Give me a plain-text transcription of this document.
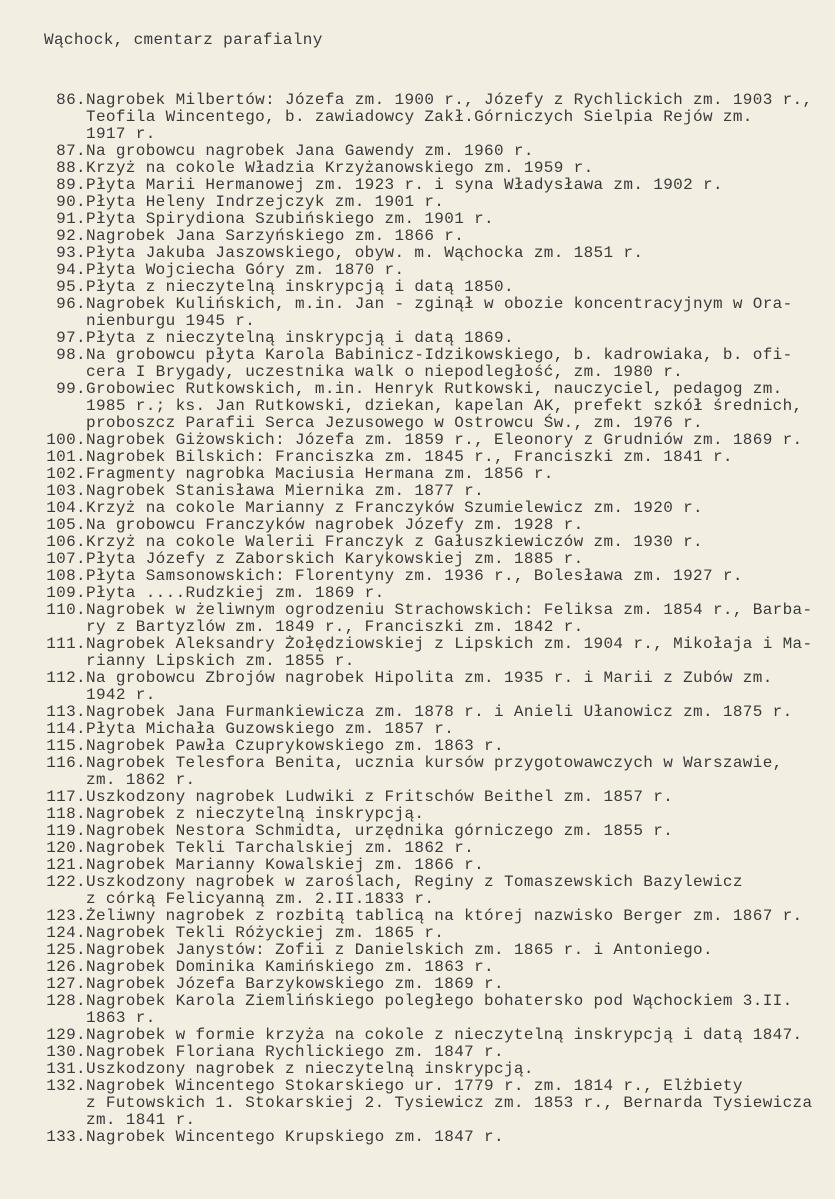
Wąchock, cmentarz parafialny
86. Nagrobek Milbertów: Józefa zm. 1900 r., Józefy z Rychlickich zm. 1903 r.,
Teofila Wincentego, b. zawiadowcy Zakł.Górniczych Sielpia Rejów zm.
1917 r.
87. Na grobowcu nagrobek Jana Gawendy zm. 1960 r.
88. Krzyż na cokole Władzia Krzyżanowskiego zm. 1959 r.
89. Płyta Marii Hermanowej zm. 1923 r. i syna Władysława zm. 1902 r.
90. Płyta Heleny Indrzejczyk zm. 1901 r.
91. Płyta Spirydiona Szubińskiego zm. 1901 r.
92. Nagrobek Jana Sarzyńskiego zm. 1866 r.
93. Płyta Jakuba Jaszowskiego, obyw. m. Wąchocka zm. 1851 r.
94. Płyta Wojciecha Góry zm. 1870 r.
95. Płyta z nieczytelną inskrypcją i datą 1850.
96. Nagrobek Kulińskich, m.in. Jan - zginął w obozie koncentracyjnym w Ora-
nienburgu 1945 r.
97. Płyta z nieczytelną inskrypcją i datą 1869.
98. Na grobowcu płyta Karola Babinicz-Idzikowskiego, b. kadrowiaka, b. ofi-
cera I Brygady, uczestnika walk o niepodległość, zm. 1980 r.
99. Grobowiec Rutkowskich, m.in. Henryk Rutkowski, nauczyciel, pedagog zm.
1985 r.; ks. Jan Rutkowski, dziekan, kapelan AK, prefekt szkół średnich,
proboszcz Parafii Serca Jezusowego w Ostrowcu Św., zm. 1976 r.
100. Nagrobek Giżowskich: Józefa zm. 1859 r., Eleonory z Grudniów zm. 1869 r.
101. Nagrobek Bilskich: Franciszka zm. 1845 r., Franciszki zm. 1841 r.
102. Fragmenty nagrobka Maciusia Hermana zm. 1856 r.
103. Nagrobek Stanisława Miernika zm. 1877 r.
104. Krzyż na cokole Marianny z Franczyków Szumielewicz zm. 1920 r.
105. Na grobowcu Franczyków nagrobek Józefy zm. 1928 r.
106. Krzyż na cokole Walerii Franczyk z Gałuszkiewiczów zm. 1930 r.
107. Płyta Józefy z Zaborskich Karykowskiej zm. 1885 r.
108. Płyta Samsonowskich: Florentyny zm. 1936 r., Bolesława zm. 1927 r.
109. Płyta ....Rudzkiej zm. 1869 r.
110. Nagrobek w żeliwnym ogrodzeniu Strachowskich: Feliksa zm. 1854 r., Barba-
ry z Bartyzlów zm. 1849 r., Franciszki zm. 1842 r.
111. Nagrobek Aleksandry Żołędziowskiej z Lipskich zm. 1904 r., Mikołaja i Ma-
rianny Lipskich zm. 1855 r.
112. Na grobowcu Zbrojów nagrobek Hipolita zm. 1935 r. i Marii z Zubów zm.
1942 r.
113. Nagrobek Jana Furmankiewicza zm. 1878 r. i Anieli Ułanowicz zm. 1875 r.
114. Płyta Michała Guzowskiego zm. 1857 r.
115. Nagrobek Pawła Czuprykowskiego zm. 1863 r.
116. Nagrobek Telesfora Benita, ucznia kursów przygotowawczych w Warszawie,
zm. 1862 r.
117. Uszkodzony nagrobek Ludwiki z Fritschów Beithel zm. 1857 r.
118. Nagrobek z nieczytelną inskrypcją.
119. Nagrobek Nestora Schmidta, urzędnika górniczego zm. 1855 r.
120. Nagrobek Tekli Tarchalskiej zm. 1862 r.
121. Nagrobek Marianny Kowalskiej zm. 1866 r.
122. Uszkodzony nagrobek w zaroślach, Reginy z Tomaszewskich Bazylewicz
z córką Felicyanną zm. 2.II.1833 r.
123. Żeliwny nagrobek z rozbitą tablicą na której nazwisko Berger zm. 1867 r.
124. Nagrobek Tekli Różyckiej zm. 1865 r.
125. Nagrobek Janystów: Zofii z Danielskich zm. 1865 r. i Antoniego.
126. Nagrobek Dominika Kamińskiego zm. 1863 r.
127. Nagrobek Józefa Barzykowskiego zm. 1869 r.
128. Nagrobek Karola Ziemlińskiego poległego bohatersko pod Wąchockiem 3.II.
1863 r.
129. Nagrobek w formie krzyża na cokole z nieczytelną inskrypcją i datą 1847.
130. Nagrobek Floriana Rychlickiego zm. 1847 r.
131. Uszkodzony nagrobek z nieczytelną inskrypcją.
132. Nagrobek Wincentego Stokarskiego ur. 1779 r. zm. 1814 r., Elżbiety
z Futowskich 1. Stokarskiej 2. Tysiewicz zm. 1853 r., Bernarda Tysiewicza
zm. 1841 r.
133. Nagrobek Wincentego Krupskiego zm. 1847 r.
